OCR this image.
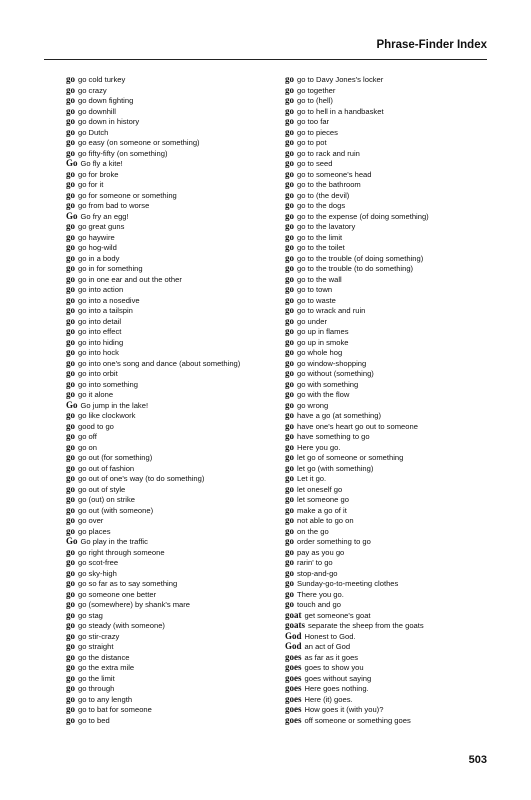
Phrase-Finder Index
go go cold turkey
go go crazy
go go down fighting
go go downhill
go go down in history
go go Dutch
go go easy (on someone or something)
go go fifty-fifty (on something)
Go Go fly a kite!
go go for broke
go go for it
go go for someone or something
go go from bad to worse
Go Go fry an egg!
go go great guns
go go haywire
go go hog-wild
go go in a body
go go in for something
go go in one ear and out the other
go go into action
go go into a nosedive
go go into a tailspin
go go into detail
go go into effect
go go into hiding
go go into hock
go go into one's song and dance (about something)
go go into orbit
go go into something
go go it alone
Go Go jump in the lake!
go go like clockwork
go good to go
go go off
go go on
go go out (for something)
go go out of fashion
go go out of one's way (to do something)
go go out of style
go go (out) on strike
go go out (with someone)
go go over
go go places
Go Go play in the traffic
go go right through someone
go go scot-free
go go sky-high
go go so far as to say something
go go someone one better
go go (somewhere) by shank's mare
go go stag
go go steady (with someone)
go go stir-crazy
go go straight
go go the distance
go go the extra mile
go go the limit
go go through
go go to any length
go go to bat for someone
go go to bed
go go to Davy Jones's locker
go go together
go go to (hell)
go go to hell in a handbasket
go go too far
go go to pieces
go go to pot
go go to rack and ruin
go go to seed
go go to someone's head
go go to the bathroom
go go to (the devil)
go go to the dogs
go go to the expense (of doing something)
go go to the lavatory
go go to the limit
go go to the toilet
go go to the trouble (of doing something)
go go to the trouble (to do something)
go go to the wall
go go to town
go go to waste
go go to wrack and ruin
go go under
go go up in flames
go go up in smoke
go go whole hog
go go window-shopping
go go without (something)
go go with something
go go with the flow
go go wrong
go have a go (at something)
go have one's heart go out to someone
go have something to go
go Here you go.
go let go of someone or something
go let go (with something)
go Let it go.
go let oneself go
go let someone go
go make a go of it
go not able to go on
go on the go
go order something to go
go pay as you go
go rarin' to go
go stop-and-go
go Sunday-go-to-meeting clothes
go There you go.
go touch and go
goat get someone's goat
goats separate the sheep from the goats
God Honest to God.
God an act of God
goes as far as it goes
goes goes to show you
goes goes without saying
goes Here goes nothing.
goes Here (it) goes.
goes How goes it (with you)?
goes off someone or something goes
503
